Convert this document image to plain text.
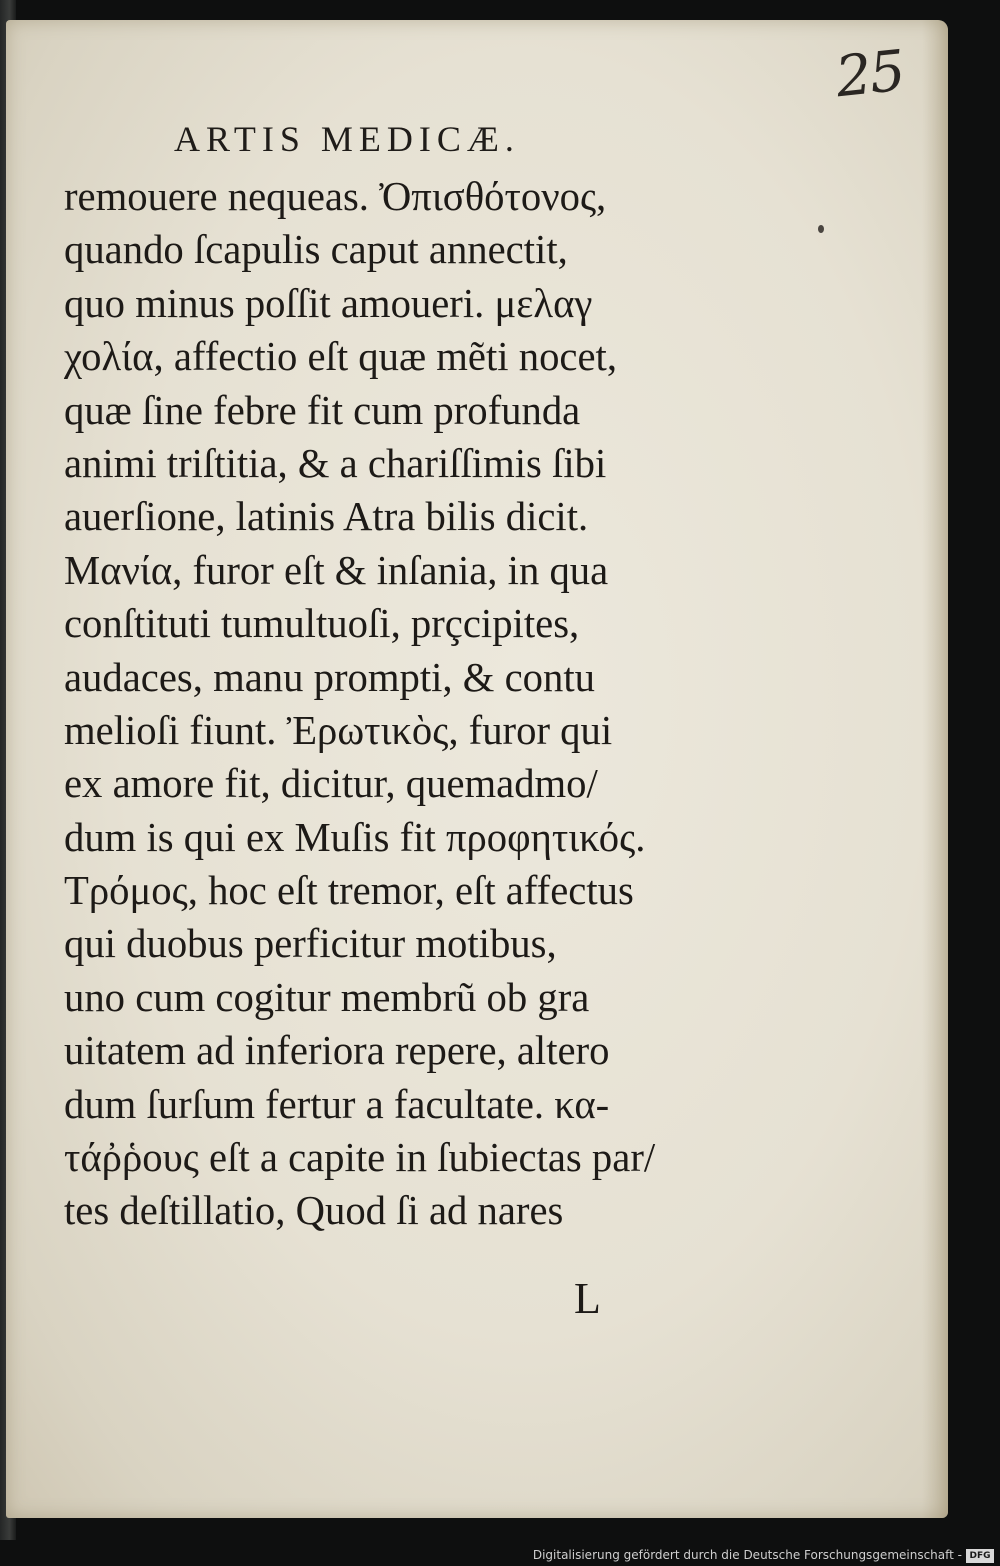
25
ARTIS MEDICÆ.
remouere nequeas. Ὀπισθότονος,
quando ſcapulis caput annectit,
quo minus poſſit amoueri. μελαγ
χολία, affectio eſt quæ mẽti nocet,
quæ ſine febre fit cum profunda
animi triſtitia, & a chariſſimis ſibi
auerſione, latinis Atra bilis dicit.
Μανία, furor eſt & inſania, in qua
conſtituti tumultuoſi, prçcipites,
audaces, manu prompti, & contu
melioſi fiunt. Ἐρωτικὸς, furor qui
ex amore fit, dicitur, quemadmo/
dum is qui ex Muſis fit προφητικός.
Τρόμος, hoc eſt tremor, eſt affectus
qui duobus perficitur motibus,
uno cum cogitur membrũ ob gra
uitatem ad inferiora repere, altero
dum ſurſum fertur a facultate. κα-
τάῤῥους eſt a capite in ſubiectas par/
tes deſtillatio, Quod ſi ad nares
L
Digitalisierung gefördert durch die Deutsche Forschungsgemeinschaft - DFG
